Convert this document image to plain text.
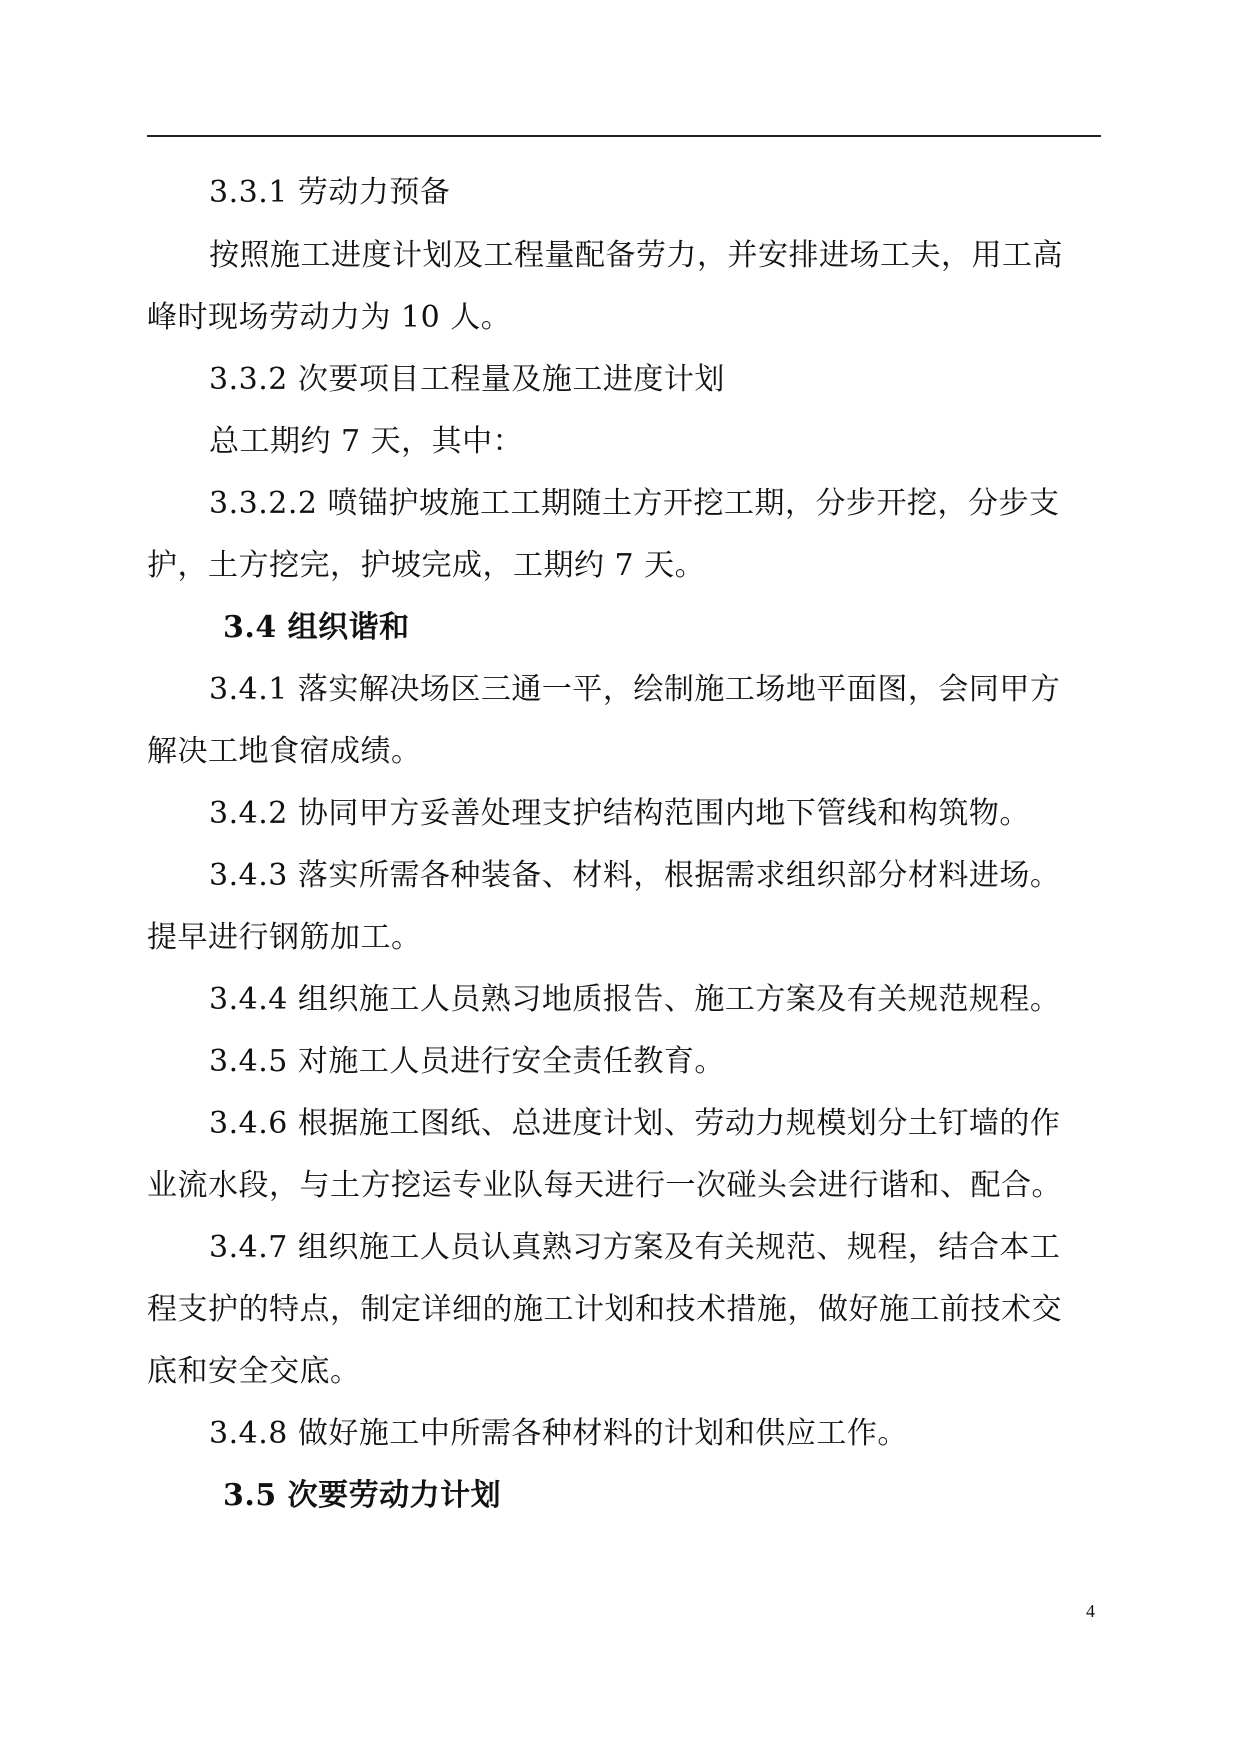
3.3.1 劳动力预备
按照施工进度计划及工程量配备劳力，并安排进场工夫，用工高
峰时现场劳动力为 10 人。
3.3.2 次要项目工程量及施工进度计划
总工期约 7 天，其中：
3.3.2.2 喷锚护坡施工工期随土方开挖工期，分步开挖，分步支
护，土方挖完，护坡完成，工期约 7 天。
3.4 组织谐和
3.4.1 落实解决场区三通一平，绘制施工场地平面图，会同甲方
解决工地食宿成绩。
3.4.2 协同甲方妥善处理支护结构范围内地下管线和构筑物。
3.4.3 落实所需各种装备、材料，根据需求组织部分材料进场。
提早进行钢筋加工。
3.4.4 组织施工人员熟习地质报告、施工方案及有关规范规程。
3.4.5 对施工人员进行安全责任教育。
3.4.6 根据施工图纸、总进度计划、劳动力规模划分土钉墙的作
业流水段，与土方挖运专业队每天进行一次碰头会进行谐和、配合。
3.4.7 组织施工人员认真熟习方案及有关规范、规程，结合本工
程支护的特点，制定详细的施工计划和技术措施，做好施工前技术交
底和安全交底。
3.4.8 做好施工中所需各种材料的计划和供应工作。
3.5 次要劳动力计划
4
